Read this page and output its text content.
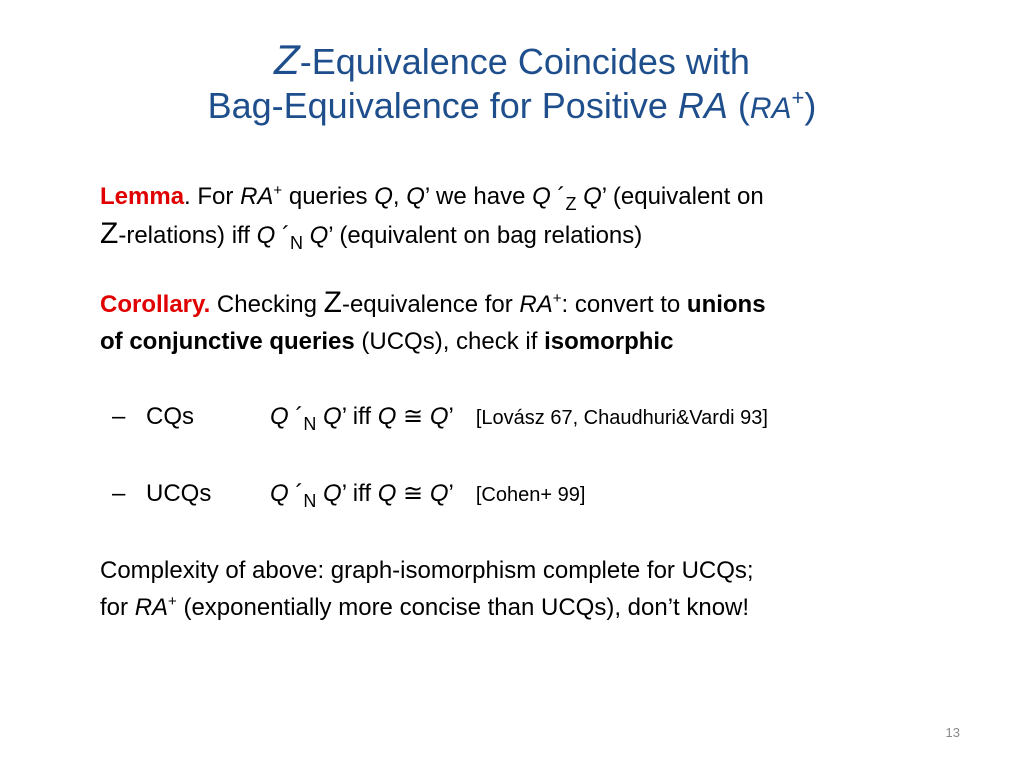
Z-Equivalence Coincides with
Bag-Equivalence for Positive RA (RA+)
Lemma. For RA+ queries Q, Q’ we have Q $´_Z$ Q’ (equivalent on
Z-relations) iff Q $´_N$ Q’ (equivalent on bag relations)
Corollary. Checking Z-equivalence for RA+: convert to unions
of conjunctive queries (UCQs), check if isomorphic
– CQs	Q $´_N$ Q’ iff Q ≅ Q’ [Lovász 67, Chaudhuri&Vardi 93]
– UCQs	Q $´_N$ Q’ iff Q ≅ Q’ [Cohen+ 99]
Complexity of above: graph-isomorphism complete for UCQs;
for RA+ (exponentially more concise than UCQs), don’t know!
13
